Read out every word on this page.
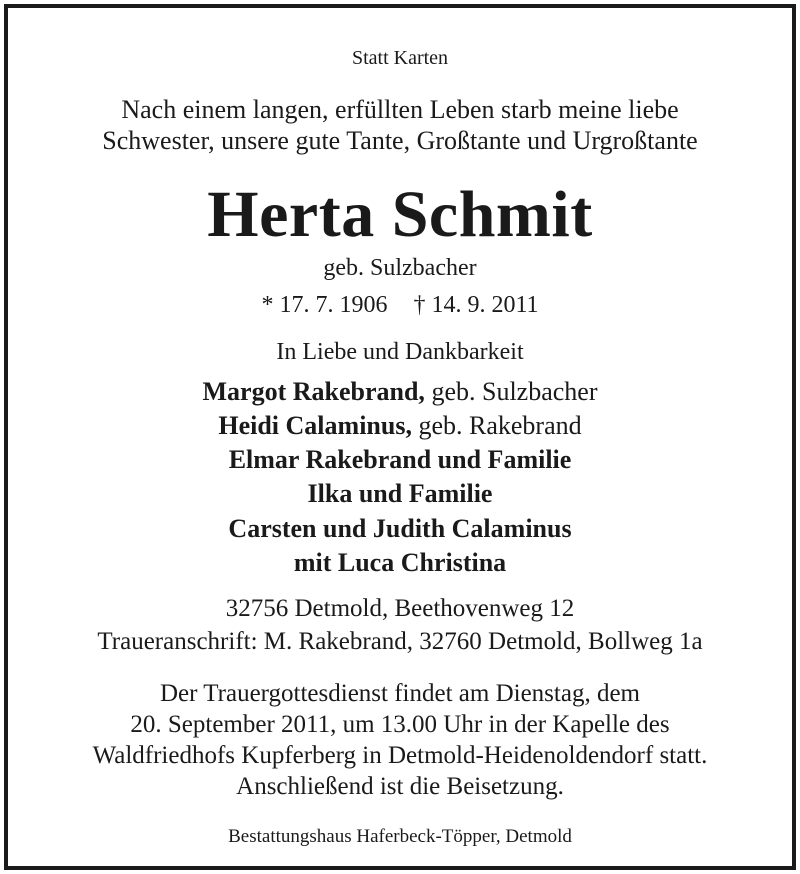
Statt Karten
Nach einem langen, erfüllten Leben starb meine liebe
Schwester, unsere gute Tante, Großtante und Urgroßtante
Herta Schmit
geb. Sulzbacher
* 17. 7. 1906 † 14. 9. 2011
In Liebe und Dankbarkeit
Margot Rakebrand, geb. Sulzbacher
Heidi Calaminus, geb. Rakebrand
Elmar Rakebrand und Familie
Ilka und Familie
Carsten und Judith Calaminus
mit Luca Christina
32756 Detmold, Beethovenweg 12
Traueranschrift: M. Rakebrand, 32760 Detmold, Bollweg 1a
Der Trauergottesdienst findet am Dienstag, dem
20. September 2011, um 13.00 Uhr in der Kapelle des
Waldfriedhofs Kupferberg in Detmold-Heidenoldendorf statt.
Anschließend ist die Beisetzung.
Bestattungshaus Haferbeck-Töpper, Detmold
